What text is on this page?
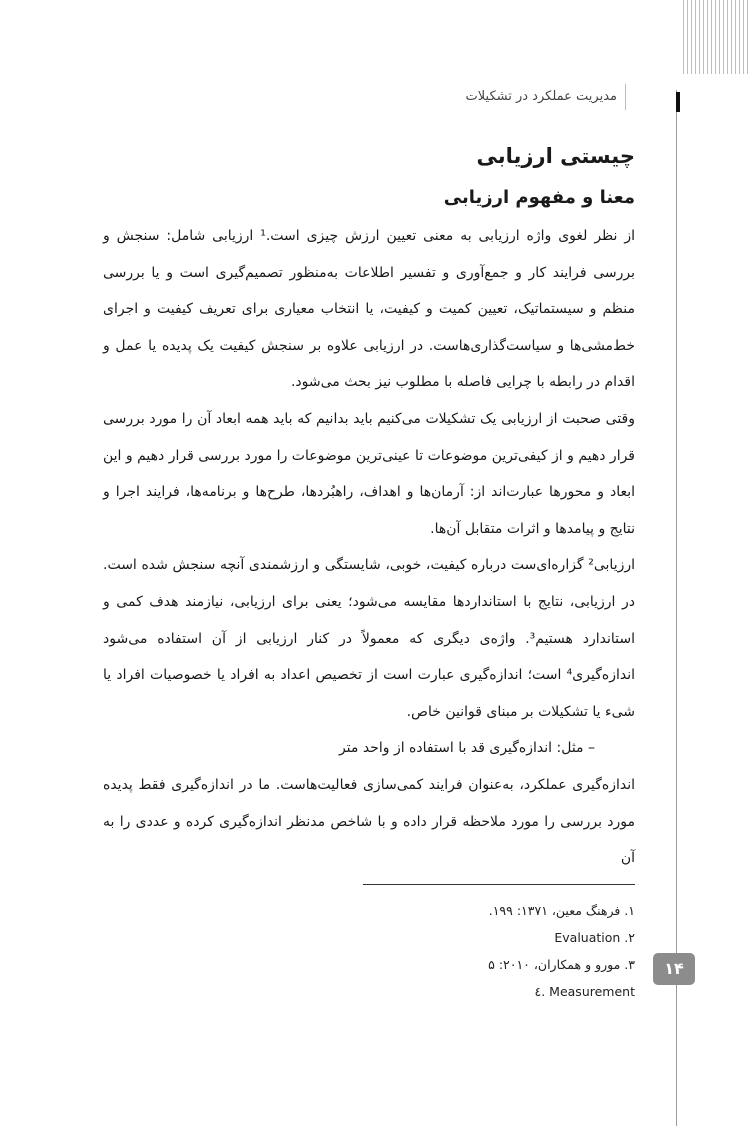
مدیریت عملکرد در تشکیلات
چیستی ارزیابی
معنا و مفهوم ارزیابی

از نظر لغوی واژه ارزیابی به معنی تعیین ارزش چیزی است.¹ ارزیابی شامل: سنجش و بررسی فرایند کار و جمع‌آوری و تفسیر اطلاعات به‌منظور تصمیم‌گیری است و یا بررسی منظم و سیستماتیک، تعیین کمیت و کیفیت، یا انتخاب معیاری برای تعریف کیفیت و اجرای خط‌مشی‌ها و سیاست‌گذاری‌هاست. در ارزیابی علاوه بر سنجش کیفیت یک پدیده یا عمل و اقدام در رابطه با چرایی فاصله با مطلوب نیز بحث می‌شود.

وقتی صحبت از ارزیابی یک تشکیلات می‌کنیم باید بدانیم که باید همه ابعاد آن را مورد بررسی قرار دهیم و از کیفی‌ترین موضوعات تا عینی‌ترین موضوعات را مورد بررسی قرار دهیم و این ابعاد و محورها عبارت‌اند از: آرمان‌ها و اهداف، راهبُردها، طرح‌ها و برنامه‌ها، فرایند اجرا و نتایج و پیامدها و اثرات متقابل آن‌ها.

ارزیابی² گزاره‌ای‌ست درباره کیفیت، خوبی، شایستگی و ارزشمندی آنچه سنجش شده است. در ارزیابی، نتایج با استانداردها مقایسه می‌شود؛ یعنی برای ارزیابی، نیازمند هدف کمی و استاندارد هستیم³. واژه‌ی دیگری که معمولاً در کنار ارزیابی از آن استفاده می‌شود اندازه‌گیری⁴ است؛ اندازه‌گیری عبارت است از تخصیص اعداد به افراد یا خصوصیات افراد یا شیء یا تشکیلات بر مبنای قوانین خاص.

– مثل: اندازه‌گیری قد با استفاده از واحد متر

اندازه‌گیری عملکرد، به‌عنوان فرایند کمی‌سازی فعالیت‌هاست. ما در اندازه‌گیری فقط پدیده مورد بررسی را مورد ملاحظه قرار داده و با شاخص مدنظر اندازه‌گیری کرده و عددی را به آن

۱. فرهنگ معین، ۱۳۷۱: ۱۹۹.
Evaluation .۲
۳. مورو و همکاران، ۲۰۱۰: ۵
Measurement .٤
۱۴
